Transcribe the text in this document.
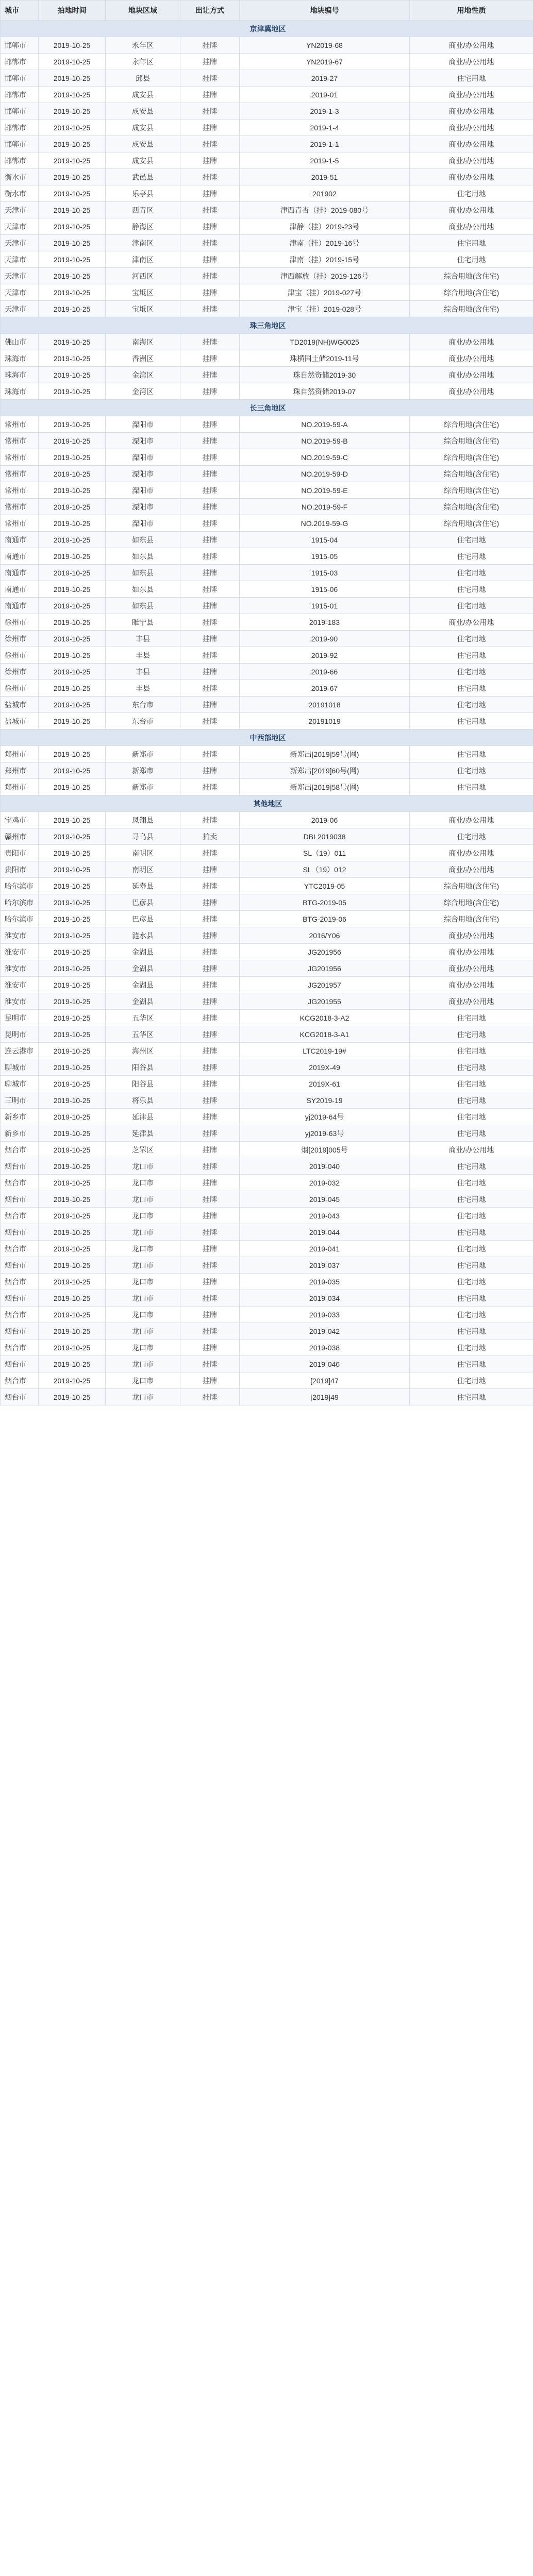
城市	拍地时间	地块区域	出让方式	地块编号	用地性质
京津冀地区					
邯郸市	2019-10-25	永年区	挂牌	YN2019-68	商业/办公用地
邯郸市	2019-10-25	永年区	挂牌	YN2019-67	商业/办公用地
邯郸市	2019-10-25	邱县	挂牌	2019-27	住宅用地
邯郸市	2019-10-25	成安县	挂牌	2019-01	商业/办公用地
邯郸市	2019-10-25	成安县	挂牌	2019-1-3	商业/办公用地
邯郸市	2019-10-25	成安县	挂牌	2019-1-4	商业/办公用地
邯郸市	2019-10-25	成安县	挂牌	2019-1-1	商业/办公用地
邯郸市	2019-10-25	成安县	挂牌	2019-1-5	商业/办公用地
衡水市	2019-10-25	武邑县	挂牌	2019-51	商业/办公用地
衡水市	2019-10-25	乐亭县	挂牌	201902	住宅用地
天津市	2019-10-25	西青区	挂牌	津西青杏（挂）2019-080号	商业/办公用地
天津市	2019-10-25	静海区	挂牌	津静（挂）2019-23号	商业/办公用地
天津市	2019-10-25	津南区	挂牌	津南（挂）2019-16号	住宅用地
天津市	2019-10-25	津南区	挂牌	津南（挂）2019-15号	住宅用地
天津市	2019-10-25	河西区	挂牌	津西解放（挂）2019-126号	综合用地(含住宅)
天津市	2019-10-25	宝坻区	挂牌	津宝（挂）2019-027号	综合用地(含住宅)
天津市	2019-10-25	宝坻区	挂牌	津宝（挂）2019-028号	综合用地(含住宅)
珠三角地区					
佛山市	2019-10-25	南海区	挂牌	TD2019(NH)WG0025	商业/办公用地
珠海市	2019-10-25	香洲区	挂牌	珠横国土储2019-11号	商业/办公用地
珠海市	2019-10-25	金湾区	挂牌	珠自然资储2019-30	商业/办公用地
珠海市	2019-10-25	金湾区	挂牌	珠自然资储2019-07	商业/办公用地
长三角地区					
常州市	2019-10-25	溧阳市	挂牌	NO.2019-59-A	综合用地(含住宅)
常州市	2019-10-25	溧阳市	挂牌	NO.2019-59-B	综合用地(含住宅)
常州市	2019-10-25	溧阳市	挂牌	NO.2019-59-C	综合用地(含住宅)
常州市	2019-10-25	溧阳市	挂牌	NO.2019-59-D	综合用地(含住宅)
常州市	2019-10-25	溧阳市	挂牌	NO.2019-59-E	综合用地(含住宅)
常州市	2019-10-25	溧阳市	挂牌	NO.2019-59-F	综合用地(含住宅)
常州市	2019-10-25	溧阳市	挂牌	NO.2019-59-G	综合用地(含住宅)
南通市	2019-10-25	如东县	挂牌	1915-04	住宅用地
南通市	2019-10-25	如东县	挂牌	1915-05	住宅用地
南通市	2019-10-25	如东县	挂牌	1915-03	住宅用地
南通市	2019-10-25	如东县	挂牌	1915-06	住宅用地
南通市	2019-10-25	如东县	挂牌	1915-01	住宅用地
徐州市	2019-10-25	睢宁县	挂牌	2019-183	商业/办公用地
徐州市	2019-10-25	丰县	挂牌	2019-90	住宅用地
徐州市	2019-10-25	丰县	挂牌	2019-92	住宅用地
徐州市	2019-10-25	丰县	挂牌	2019-66	住宅用地
徐州市	2019-10-25	丰县	挂牌	2019-67	住宅用地
盐城市	2019-10-25	东台市	挂牌	20191018	住宅用地
盐城市	2019-10-25	东台市	挂牌	20191019	住宅用地
中西部地区					
郑州市	2019-10-25	新郑市	挂牌	新郑出[2019]59号(网)	住宅用地
郑州市	2019-10-25	新郑市	挂牌	新郑出[2019]60号(网)	住宅用地
郑州市	2019-10-25	新郑市	挂牌	新郑出[2019]58号(网)	住宅用地
其他地区					
宝鸡市	2019-10-25	凤翔县	挂牌	2019-06	商业/办公用地
赣州市	2019-10-25	寻乌县	拍卖	DBL2019038	住宅用地
贵阳市	2019-10-25	南明区	挂牌	SL（19）011	商业/办公用地
贵阳市	2019-10-25	南明区	挂牌	SL（19）012	商业/办公用地
哈尔滨市	2019-10-25	延寿县	挂牌	YTC2019-05	综合用地(含住宅)
哈尔滨市	2019-10-25	巴彦县	挂牌	BTG-2019-05	综合用地(含住宅)
哈尔滨市	2019-10-25	巴彦县	挂牌	BTG-2019-06	综合用地(含住宅)
淮安市	2019-10-25	涟水县	挂牌	2016/Y06	商业/办公用地
淮安市	2019-10-25	金湖县	挂牌	JG201956	商业/办公用地
淮安市	2019-10-25	金湖县	挂牌	JG201956	商业/办公用地
淮安市	2019-10-25	金湖县	挂牌	JG201957	商业/办公用地
淮安市	2019-10-25	金湖县	挂牌	JG201955	商业/办公用地
昆明市	2019-10-25	五华区	挂牌	KCG2018-3-A2	住宅用地
昆明市	2019-10-25	五华区	挂牌	KCG2018-3-A1	住宅用地
连云港市	2019-10-25	海州区	挂牌	LTC2019-19#	住宅用地
聊城市	2019-10-25	阳谷县	挂牌	2019X-49	住宅用地
聊城市	2019-10-25	阳谷县	挂牌	2019X-61	住宅用地
三明市	2019-10-25	将乐县	挂牌	SY2019-19	住宅用地
新乡市	2019-10-25	延津县	挂牌	yj2019-64号	住宅用地
新乡市	2019-10-25	延津县	挂牌	yj2019-63号	住宅用地
烟台市	2019-10-25	芝罘区	挂牌	烟[2019]005号	商业/办公用地
烟台市	2019-10-25	龙口市	挂牌	2019-040	住宅用地
烟台市	2019-10-25	龙口市	挂牌	2019-032	住宅用地
烟台市	2019-10-25	龙口市	挂牌	2019-045	住宅用地
烟台市	2019-10-25	龙口市	挂牌	2019-043	住宅用地
烟台市	2019-10-25	龙口市	挂牌	2019-044	住宅用地
烟台市	2019-10-25	龙口市	挂牌	2019-041	住宅用地
烟台市	2019-10-25	龙口市	挂牌	2019-037	住宅用地
烟台市	2019-10-25	龙口市	挂牌	2019-035	住宅用地
烟台市	2019-10-25	龙口市	挂牌	2019-034	住宅用地
烟台市	2019-10-25	龙口市	挂牌	2019-033	住宅用地
烟台市	2019-10-25	龙口市	挂牌	2019-042	住宅用地
烟台市	2019-10-25	龙口市	挂牌	2019-038	住宅用地
烟台市	2019-10-25	龙口市	挂牌	2019-046	住宅用地
烟台市	2019-10-25	龙口市	挂牌	[2019]47	住宅用地
烟台市	2019-10-25	龙口市	挂牌	[2019]49	住宅用地
